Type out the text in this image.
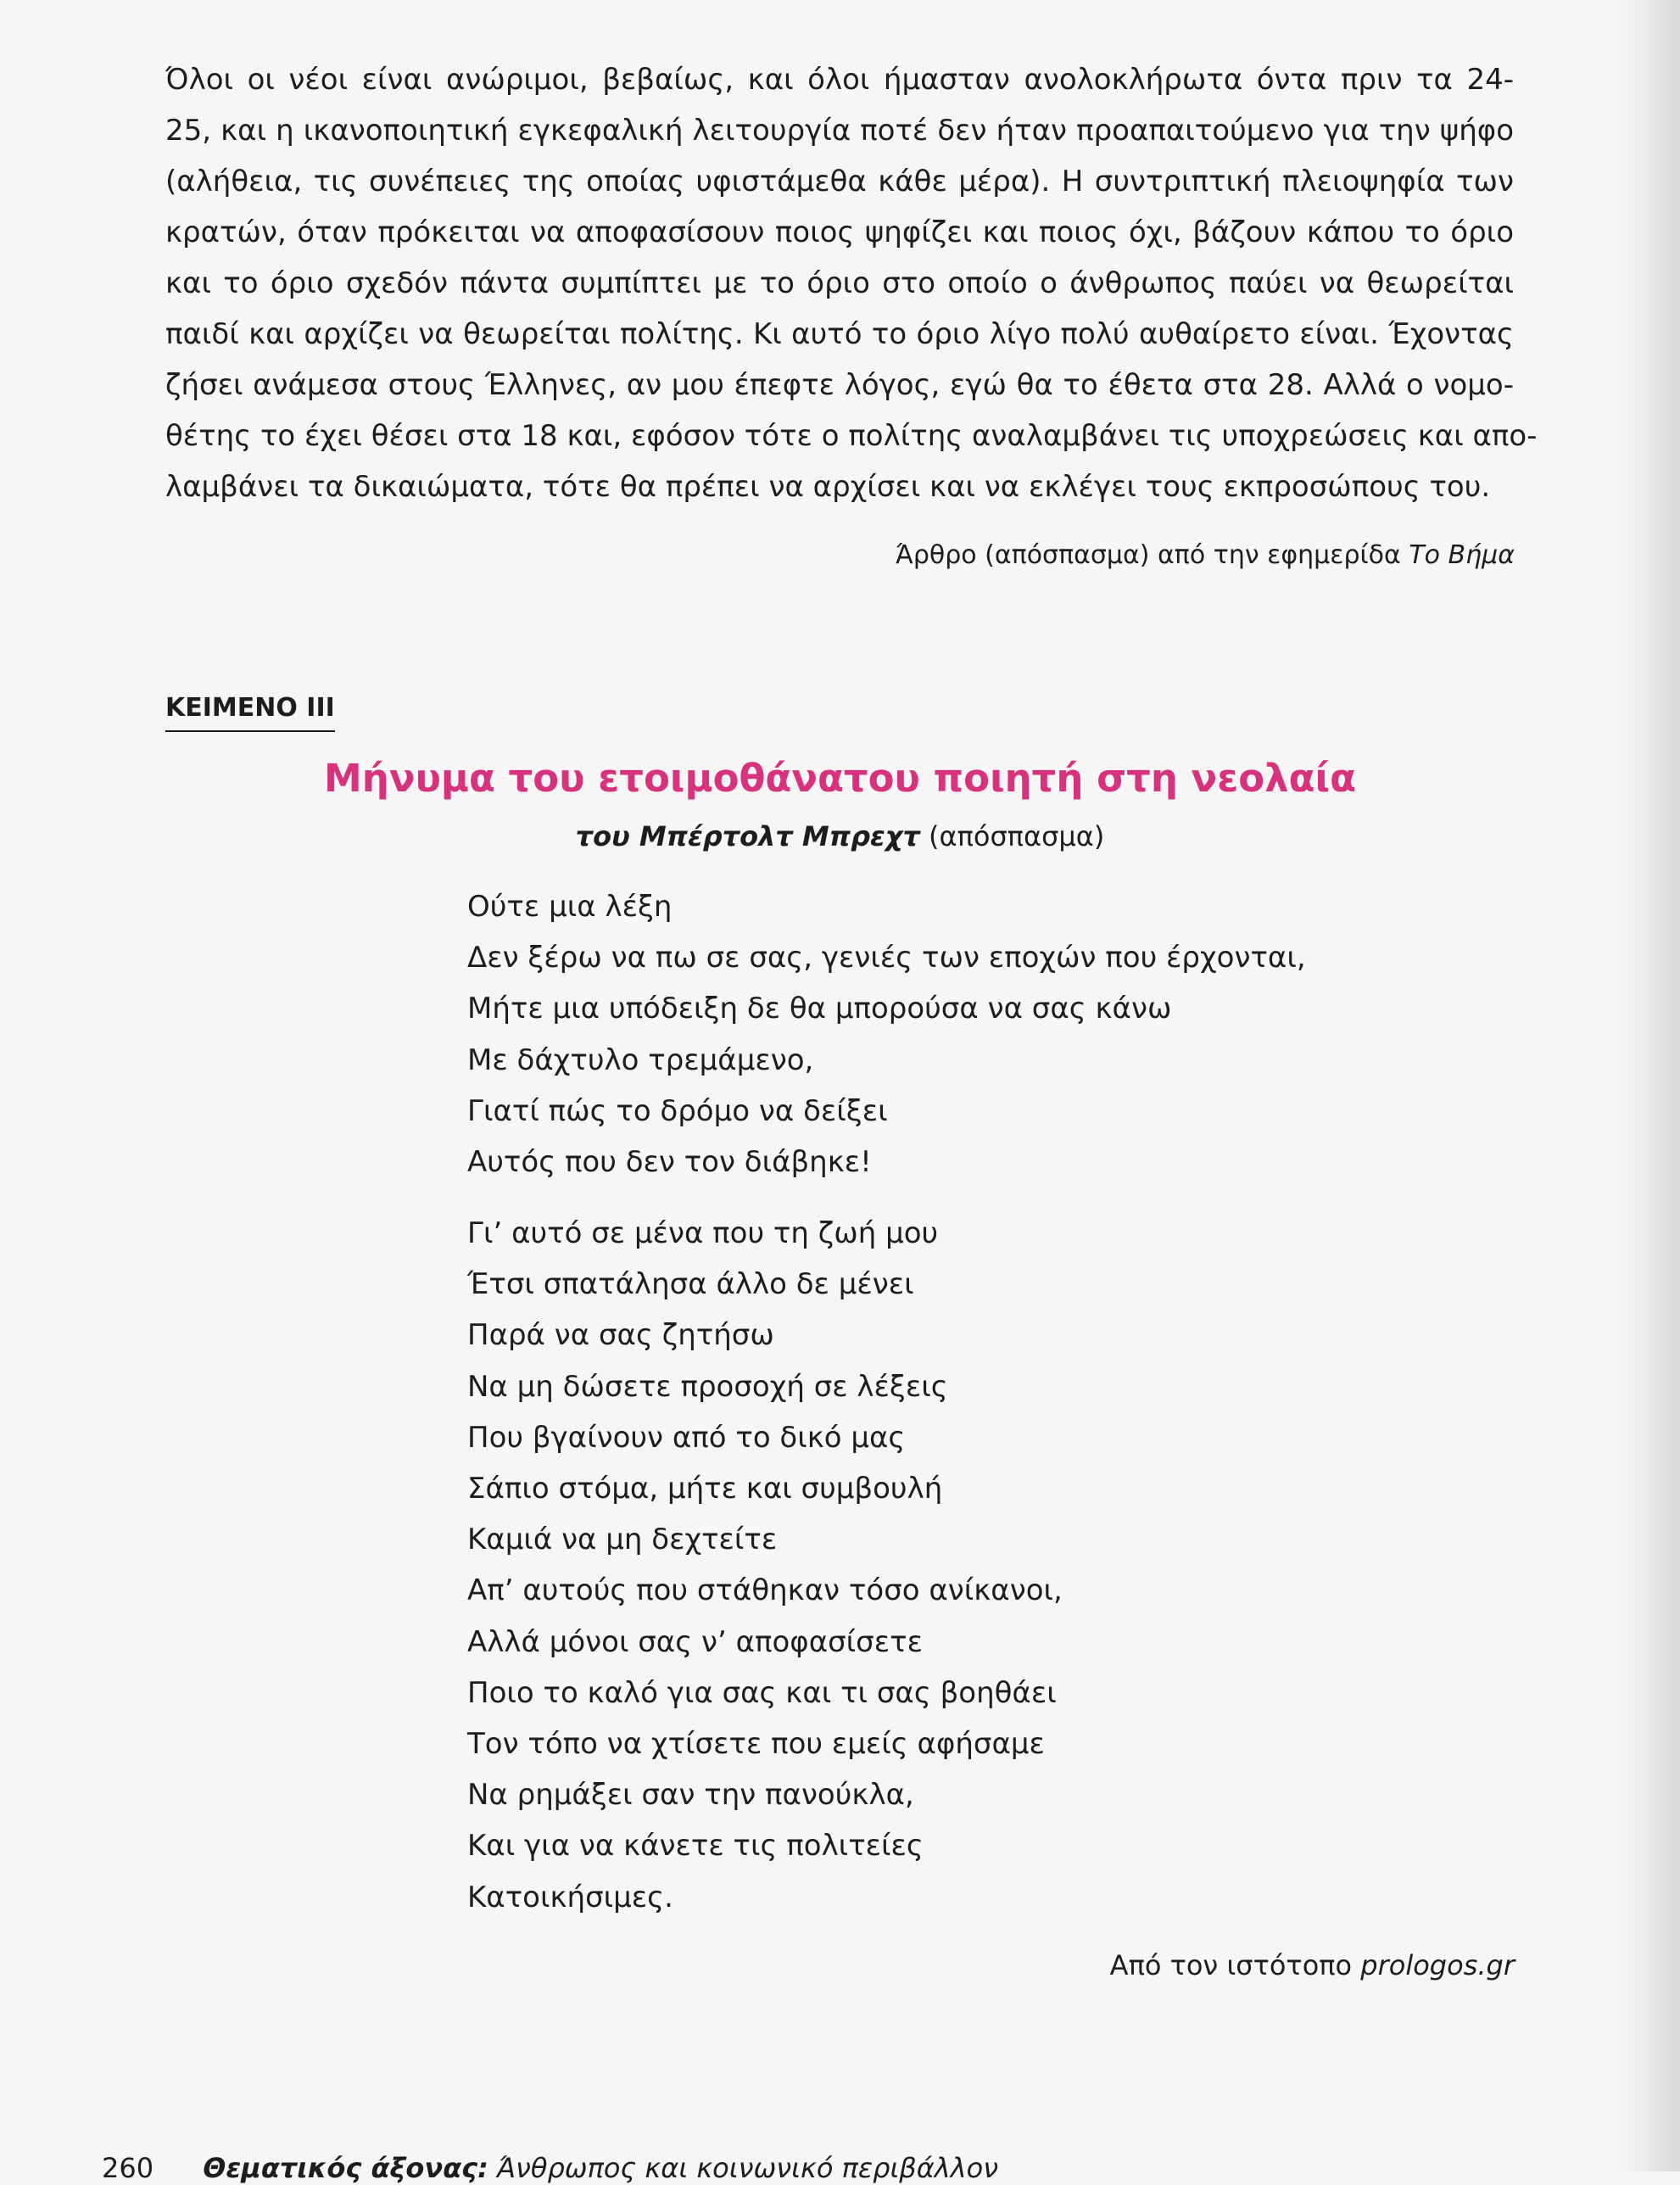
Όλοι οι νέοι είναι ανώριμοι, βεβαίως, και όλοι ήμασταν ανολοκλήρωτα όντα πριν τα 24-
25, και η ικανοποιητική εγκεφαλική λειτουργία ποτέ δεν ήταν προαπαιτούμενο για την ψήφο
(αλήθεια, τις συνέπειες της οποίας υφιστάμεθα κάθε μέρα). Η συντριπτική πλειοψηφία των
κρατών, όταν πρόκειται να αποφασίσουν ποιος ψηφίζει και ποιος όχι, βάζουν κάπου το όριο
και το όριο σχεδόν πάντα συμπίπτει με το όριο στο οποίο ο άνθρωπος παύει να θεωρείται
παιδί και αρχίζει να θεωρείται πολίτης. Κι αυτό το όριο λίγο πολύ αυθαίρετο είναι. Έχοντας
ζήσει ανάμεσα στους Έλληνες, αν μου έπεφτε λόγος, εγώ θα το έθετα στα 28. Αλλά ο νομο-
θέτης το έχει θέσει στα 18 και, εφόσον τότε ο πολίτης αναλαμβάνει τις υποχρεώσεις και απο-
λαμβάνει τα δικαιώματα, τότε θα πρέπει να αρχίσει και να εκλέγει τους εκπροσώπους του.
Άρθρο (απόσπασμα) από την εφημερίδα Το Βήμα
ΚΕΙΜΕΝΟ III
Μήνυμα του ετοιμοθάνατου ποιητή στη νεολαία
του Μπέρτολτ Μπρεχτ (απόσπασμα)
Ούτε μια λέξη
Δεν ξέρω να πω σε σας, γενιές των εποχών που έρχονται,
Μήτε μια υπόδειξη δε θα μπορούσα να σας κάνω
Με δάχτυλο τρεμάμενο,
Γιατί πώς το δρόμο να δείξει
Αυτός που δεν τον διάβηκε!
Γι’ αυτό σε μένα που τη ζωή μου
Έτσι σπατάλησα άλλο δε μένει
Παρά να σας ζητήσω
Να μη δώσετε προσοχή σε λέξεις
Που βγαίνουν από το δικό μας
Σάπιο στόμα, μήτε και συμβουλή
Καμιά να μη δεχτείτε
Απ’ αυτούς που στάθηκαν τόσο ανίκανοι,
Αλλά μόνοι σας ν’ αποφασίσετε
Ποιο το καλό για σας και τι σας βοηθάει
Τον τόπο να χτίσετε που εμείς αφήσαμε
Να ρημάξει σαν την πανούκλα,
Και για να κάνετε τις πολιτείες
Κατοικήσιμες.
Από τον ιστότοπο prologos.gr
260 Θεματικός άξονας: Άνθρωπος και κοινωνικό περιβάλλον
